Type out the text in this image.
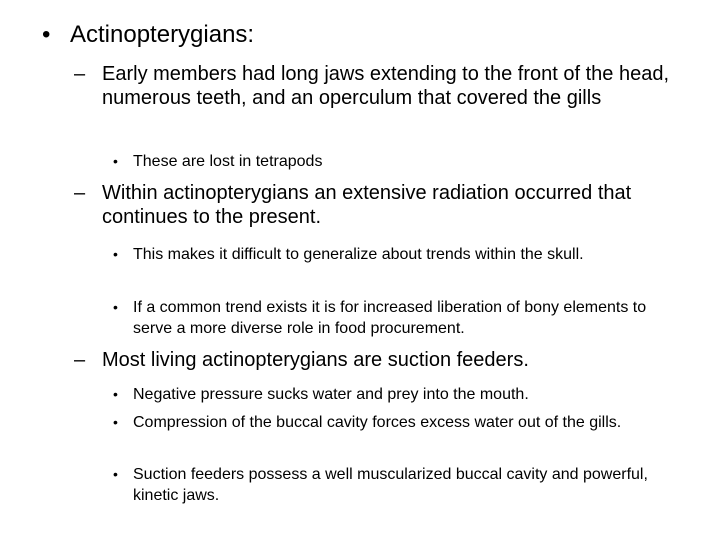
• Actinopterygians:
– Early members had long jaws extending to the front of the head, numerous teeth, and an operculum that covered the gills
• These are lost in tetrapods
– Within actinopterygians an extensive radiation occurred that continues to the present.
• This makes it difficult to generalize about trends within the skull.
• If a common trend exists it is for increased liberation of bony elements to serve a more diverse role in food procurement.
– Most living actinopterygians are suction feeders.
• Negative pressure sucks water and prey into the mouth.
• Compression of the buccal cavity forces excess water out of the gills.
• Suction feeders possess a well muscularized buccal cavity and powerful, kinetic jaws.
